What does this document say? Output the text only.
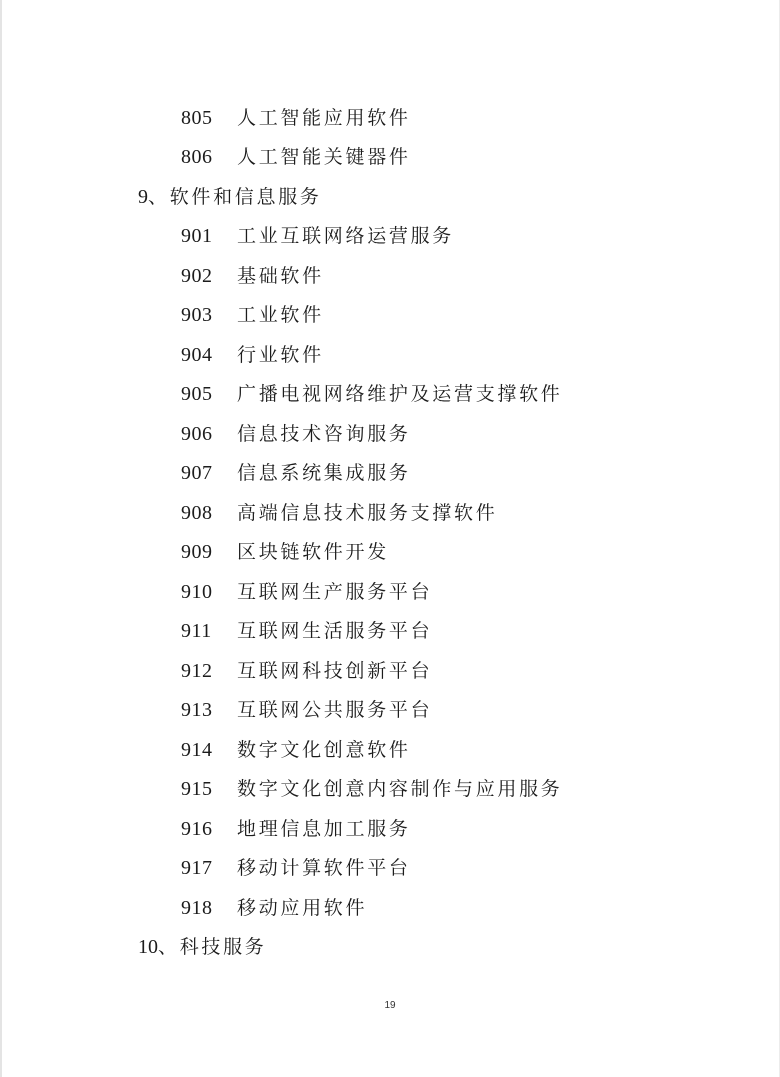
805	人工智能应用软件
806	人工智能关键器件
9、软件和信息服务
901	工业互联网络运营服务
902	基础软件
903	工业软件
904	行业软件
905	广播电视网络维护及运营支撑软件
906	信息技术咨询服务
907	信息系统集成服务
908	高端信息技术服务支撑软件
909	区块链软件开发
910	互联网生产服务平台
911	互联网生活服务平台
912	互联网科技创新平台
913	互联网公共服务平台
914	数字文化创意软件
915	数字文化创意内容制作与应用服务
916	地理信息加工服务
917	移动计算软件平台
918	移动应用软件
10、科技服务
19
